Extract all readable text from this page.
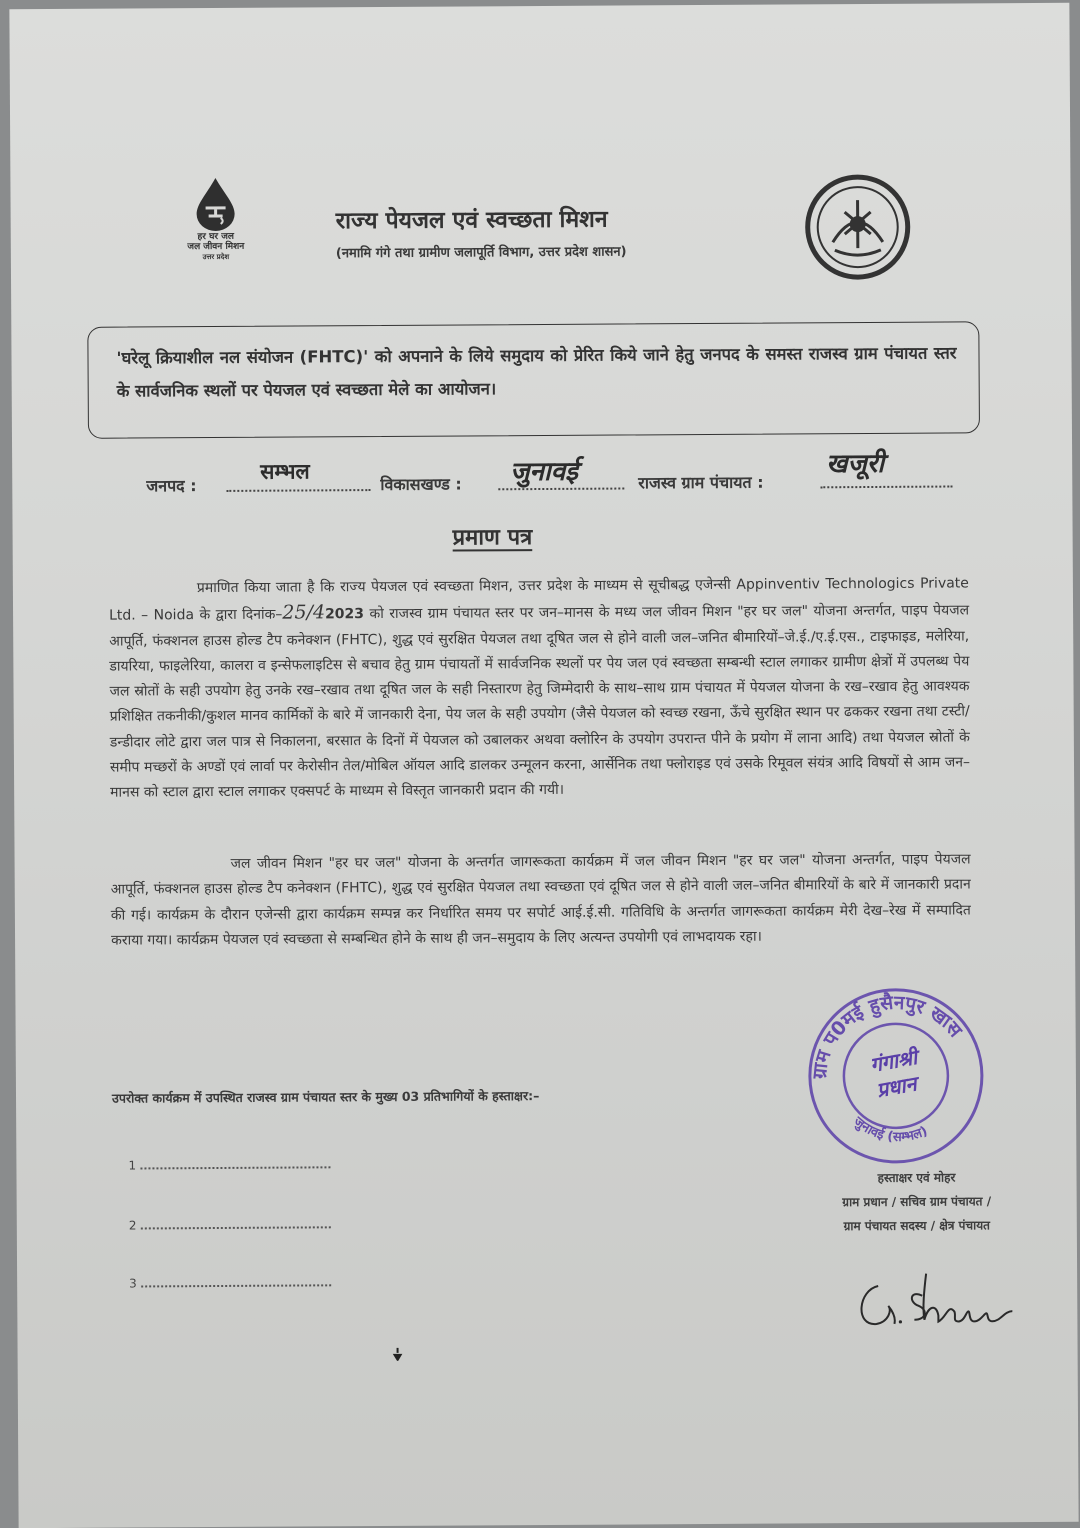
हर घर जल
जल जीवन मिशन
उत्तर प्रदेश
राज्य पेयजल एवं स्वच्छता मिशन
(नमामि गंगे तथा ग्रामीण जलापूर्ति विभाग, उत्तर प्रदेश शासन)
'घरेलू क्रियाशील नल संयोजन (FHTC)' को अपनाने के लिये समुदाय को प्रेरित किये जाने हेतु जनपद के समस्त राजस्व ग्राम पंचायत स्तर के सार्वजनिक स्थलों पर पेयजल एवं स्वच्छता मेले का आयोजन।
जनपद :
सम्भल
विकासखण्ड : जुनावई	राजस्व ग्राम पंचायत :
खजूरी
प्रमाण पत्र
प्रमाणित किया जाता है कि राज्य पेयजल एवं स्वच्छता मिशन, उत्तर प्रदेश के माध्यम से सूचीबद्ध एजेन्सी Appinventiv Technologics Private Ltd. – Noida के द्वारा दिनांक–25/42023 को राजस्व ग्राम पंचायत स्तर पर जन–मानस के मध्य जल जीवन मिशन "हर घर जल" योजना अन्तर्गत, पाइप पेयजल आपूर्ति, फंक्शनल हाउस होल्ड टैप कनेक्शन (FHTC), शुद्ध एवं सुरक्षित पेयजल तथा दूषित जल से होने वाली जल–जनित बीमारियों–जे.ई./ए.ई.एस., टाइफाइड, मलेरिया, डायरिया, फाइलेरिया, कालरा व इन्सेफलाइटिस से बचाव हेतु ग्राम पंचायतों में सार्वजनिक स्थलों पर पेय जल एवं स्वच्छता सम्बन्धी स्टाल लगाकर ग्रामीण क्षेत्रों में उपलब्ध पेय जल स्रोतों के सही उपयोग हेतु उनके रख–रखाव तथा दूषित जल के सही निस्तारण हेतु जिम्मेदारी के साथ–साथ ग्राम पंचायत में पेयजल योजना के रख–रखाव हेतु आवश्यक प्रशिक्षित तकनीकी/कुशल मानव कार्मिकों के बारे में जानकारी देना, पेय जल के सही उपयोग (जैसे पेयजल को स्वच्छ रखना, ऊँचे सुरक्षित स्थान पर ढककर रखना तथा टस्टी/डन्डीदार लोटे द्वारा जल पात्र से निकालना, बरसात के दिनों में पेयजल को उबालकर अथवा क्लोरिन के उपयोग उपरान्त पीने के प्रयोग में लाना आदि) तथा पेयजल स्रोतों के समीप मच्छरों के अण्डों एवं लार्वा पर केरोसीन तेल/मोबिल ऑयल आदि डालकर उन्मूलन करना, आर्सेनिक तथा फ्लोराइड एवं उसके रिमूवल संयंत्र आदि विषयों से आम जन–मानस को स्टाल द्वारा स्टाल लगाकर एक्सपर्ट के माध्यम से विस्तृत जानकारी प्रदान की गयी।
जल जीवन मिशन "हर घर जल" योजना के अन्तर्गत जागरूकता कार्यक्रम में जल जीवन मिशन "हर घर जल" योजना अन्तर्गत, पाइप पेयजल आपूर्ति, फंक्शनल हाउस होल्ड टैप कनेक्शन (FHTC), शुद्ध एवं सुरक्षित पेयजल तथा स्वच्छता एवं दूषित जल से होने वाली जल–जनित बीमारियों के बारे में जानकारी प्रदान की गई। कार्यक्रम के दौरान एजेन्सी द्वारा कार्यक्रम सम्पन्न कर निर्धारित समय पर सपोर्ट आई.ई.सी. गतिविधि के अन्तर्गत जागरूकता कार्यक्रम मेरी देख–रेख में सम्पादित कराया गया। कार्यक्रम पेयजल एवं स्वच्छता से सम्बन्धित होने के साथ ही जन–समुदाय के लिए अत्यन्त उपयोगी एवं लाभदायक रहा।
ग्राम प0मई हुसैनपुर खास
जुनावई (सम्भल)
गंगाश्री
प्रधान
उपरोक्त कार्यक्रम में उपस्थित राजस्व ग्राम पंचायत स्तर के मुख्य 03 प्रतिभागियों के हस्ताक्षर:–
1
2
3
हस्ताक्षर एवं मोहर
ग्राम प्रधान / सचिव ग्राम पंचायत /
ग्राम पंचायत सदस्य / क्षेत्र पंचायत
